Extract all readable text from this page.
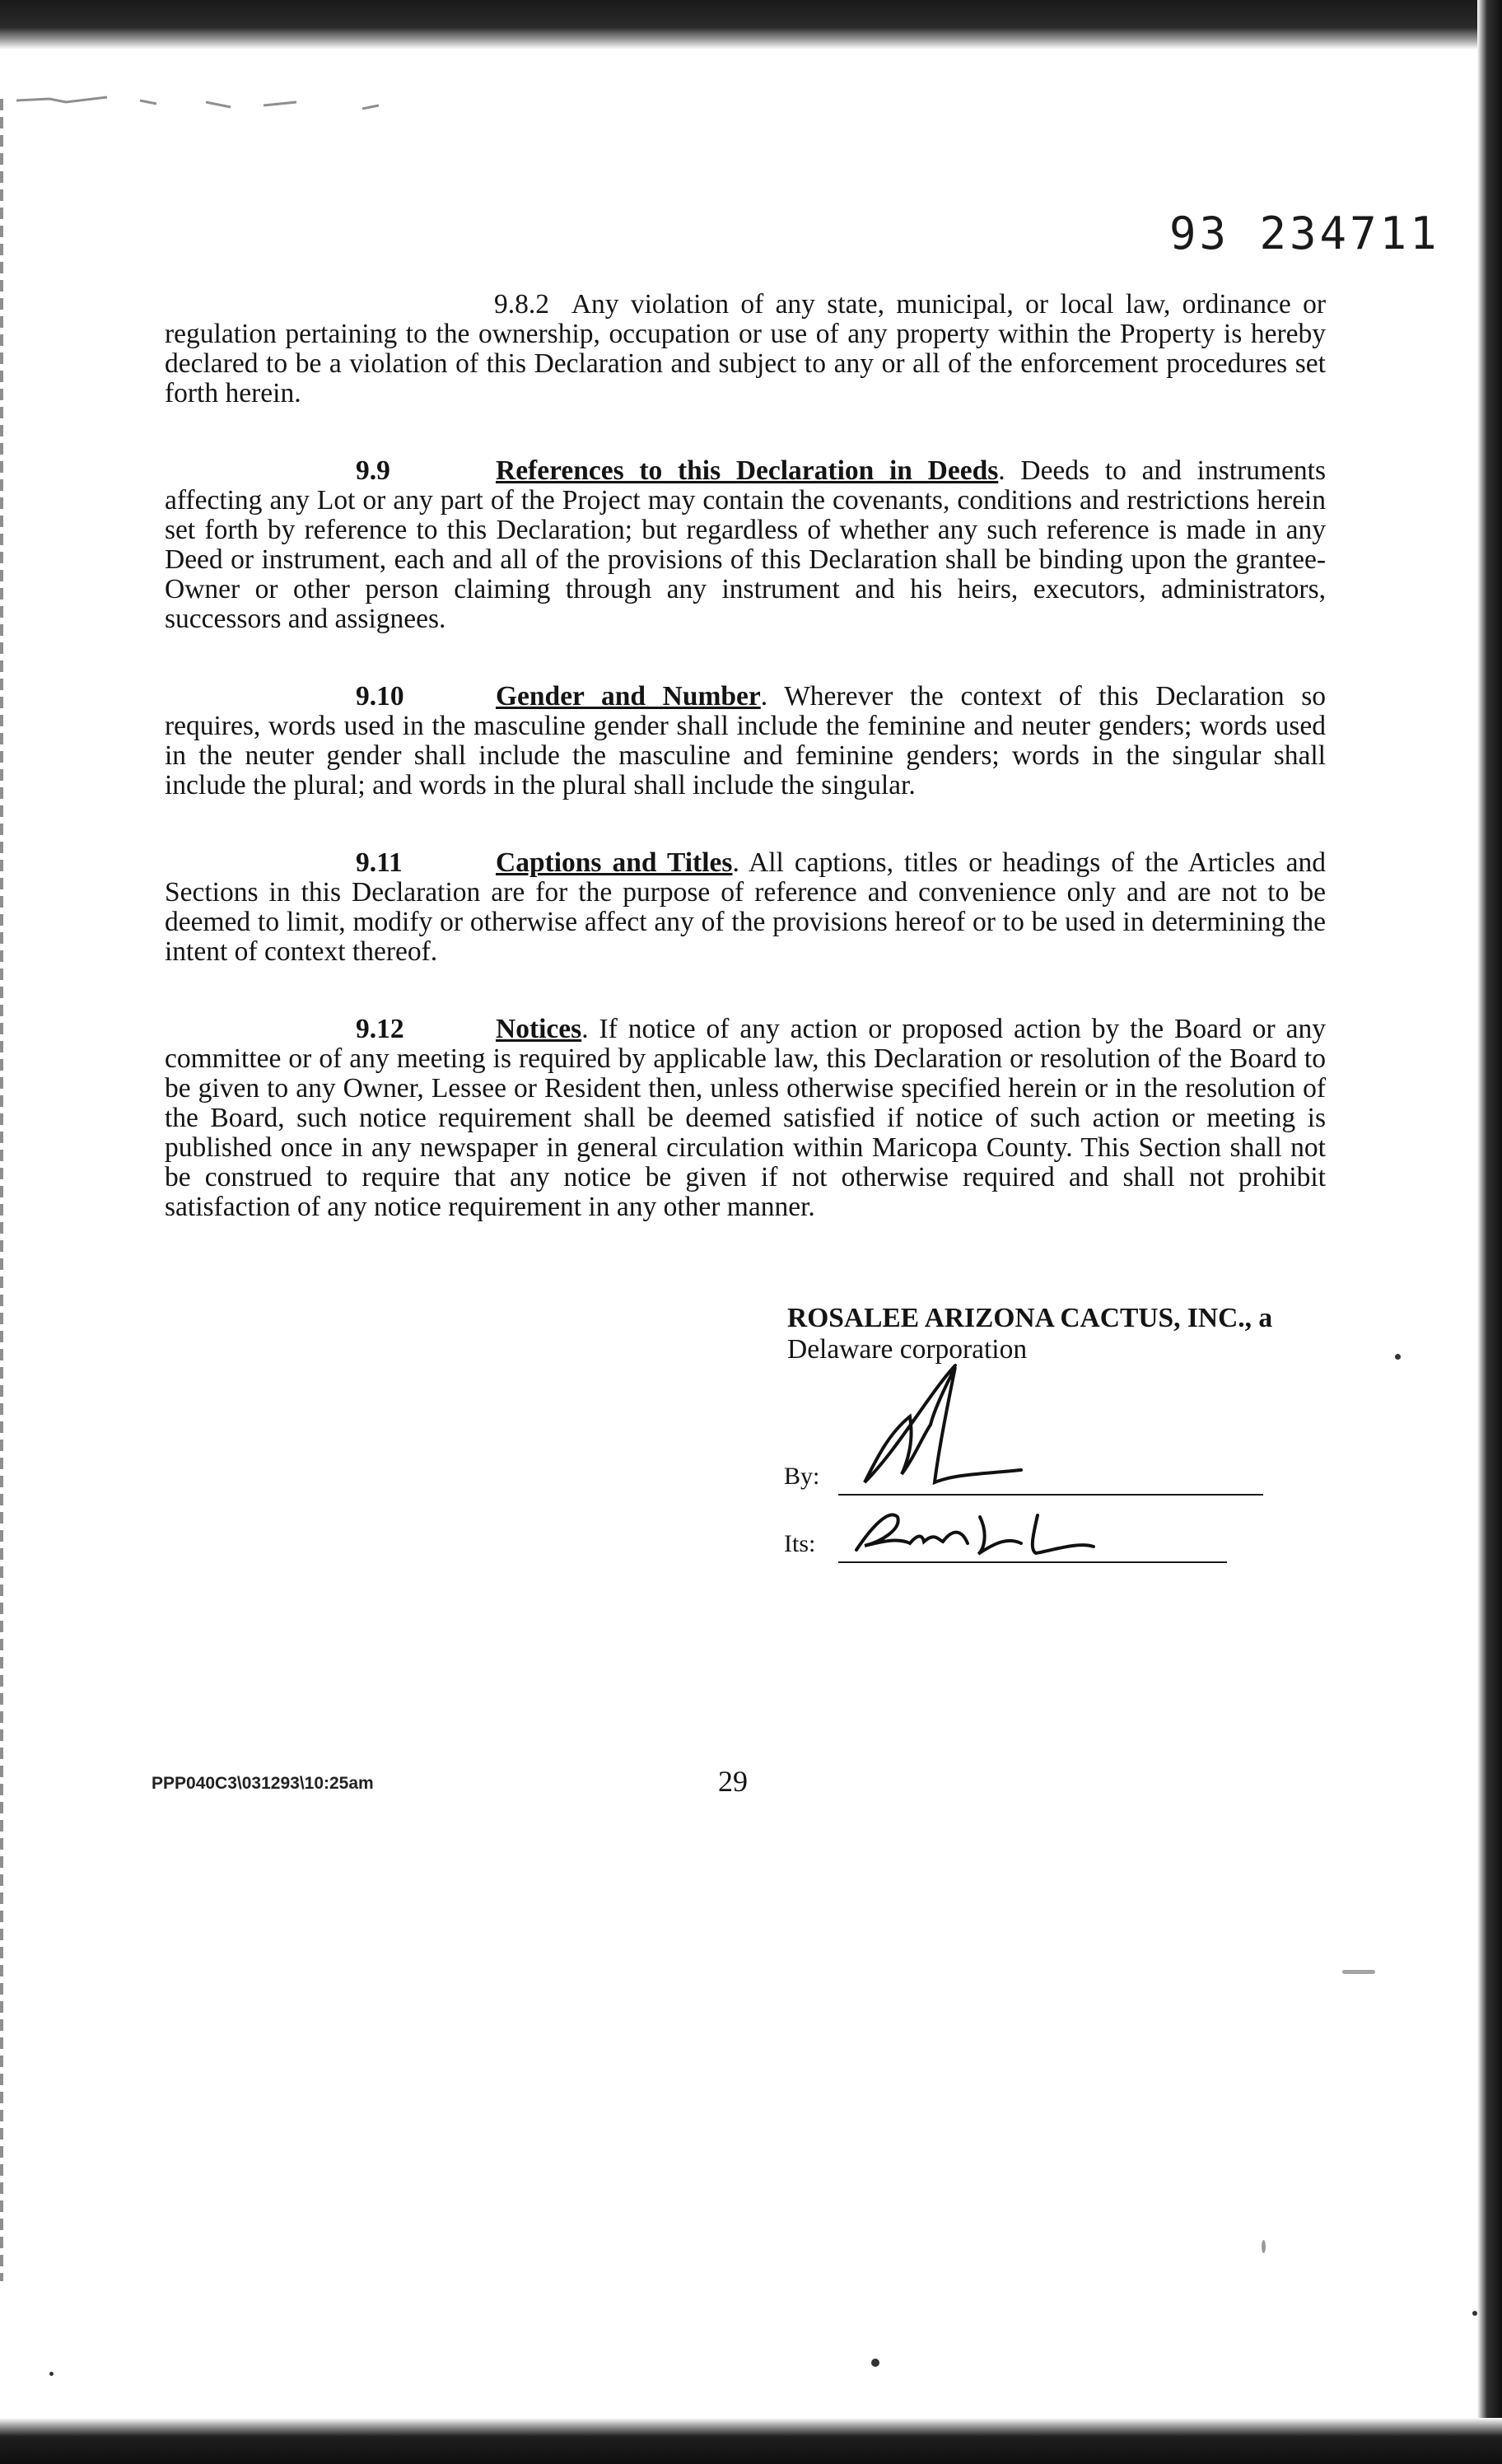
93 234711

9.8.2 Any violation of any state, municipal, or local law, ordinance or regulation pertaining to the ownership, occupation or use of any property within the Property is hereby declared to be a violation of this Declaration and subject to any or all of the enforcement procedures set forth herein.

9.9	References to this Declaration in Deeds. Deeds to and instruments affecting any Lot or any part of the Project may contain the covenants, conditions and restrictions herein set forth by reference to this Declaration; but regardless of whether any such reference is made in any Deed or instrument, each and all of the provisions of this Declaration shall be binding upon the grantee-Owner or other person claiming through any instrument and his heirs, executors, administrators, successors and assignees.

9.10	Gender and Number. Wherever the context of this Declaration so requires, words used in the masculine gender shall include the feminine and neuter genders; words used in the neuter gender shall include the masculine and feminine genders; words in the singular shall include the plural; and words in the plural shall include the singular.

9.11	Captions and Titles. All captions, titles or headings of the Articles and Sections in this Declaration are for the purpose of reference and convenience only and are not to be deemed to limit, modify or otherwise affect any of the provisions hereof or to be used in determining the intent of context thereof.

9.12	Notices. If notice of any action or proposed action by the Board or any committee or of any meeting is required by applicable law, this Declaration or resolution of the Board to be given to any Owner, Lessee or Resident then, unless otherwise specified herein or in the resolution of the Board, such notice requirement shall be deemed satisfied if notice of such action or meeting is published once in any newspaper in general circulation within Maricopa County. This Section shall not be construed to require that any notice be given if not otherwise required and shall not prohibit satisfaction of any notice requirement in any other manner.

ROSALEE ARIZONA CACTUS, INC., a
Delaware corporation
By:
Its:
PPP040C3\031293\10:25am	29
